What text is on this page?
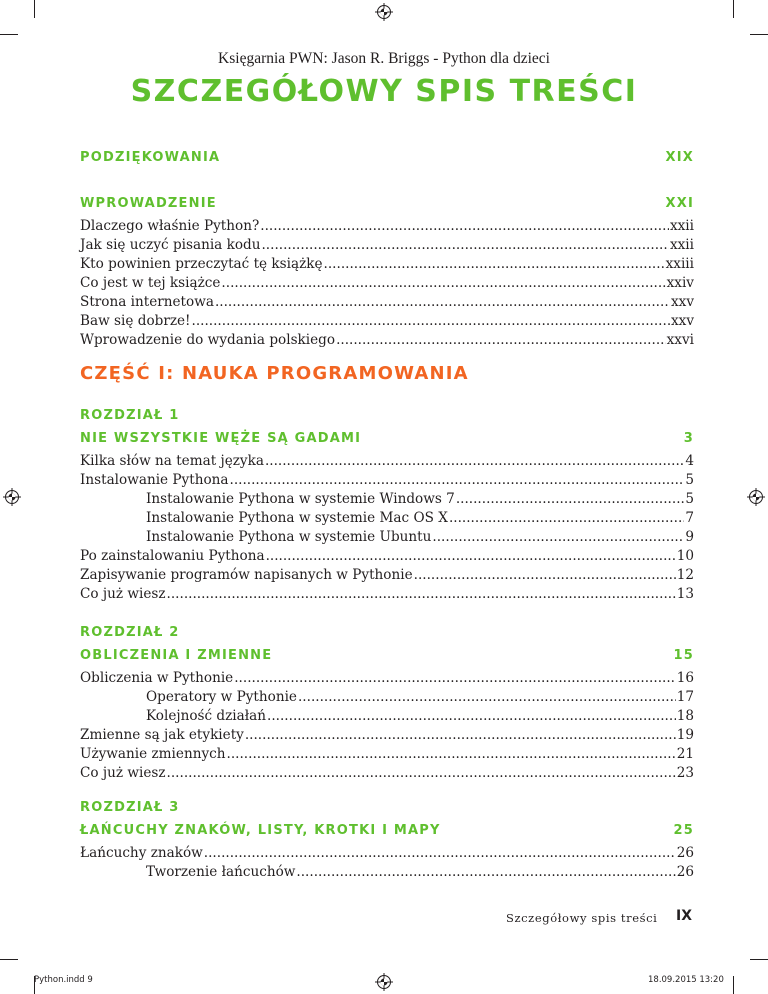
Księgarnia PWN: Jason R. Briggs - Python dla dzieci
SZCZEGÓŁOWY SPIS TREŚCI
PODZIĘKOWANIA	XIX
WPROWADZENIE	XXI
Dlaczego właśnie Python? .....	xxii
Jak się uczyć pisania kodu .....	xxii
Kto powinien przeczytać tę książkę .....	xxiii
Co jest w tej książce .....	xxiv
Strona internetowa .....	xxv
Baw się dobrze! .....	xxv
Wprowadzenie do wydania polskiego .....	xxvi
CZĘŚĆ I: NAUKA PROGRAMOWANIA
ROZDZIAŁ 1
NIE WSZYSTKIE WĘŻE SĄ GADAMI	3
Kilka słów na temat języka .....	4
Instalowanie Pythona .....	5
Instalowanie Pythona w systemie Windows 7 .....	5
Instalowanie Pythona w systemie Mac OS X .....	7
Instalowanie Pythona w systemie Ubuntu .....	9
Po zainstalowaniu Pythona .....	10
Zapisywanie programów napisanych w Pythonie .....	12
Co już wiesz .....	13
ROZDZIAŁ 2
OBLICZENIA I ZMIENNE	15
Obliczenia w Pythonie .....	16
Operatory w Pythonie .....	17
Kolejność działań .....	18
Zmienne są jak etykiety .....	19
Używanie zmiennych .....	21
Co już wiesz .....	23
ROZDZIAŁ 3
ŁAŃCUCHY ZNAKÓW, LISTY, KROTKI I MAPY	25
Łańcuchy znaków .....	26
Tworzenie łańcuchów .....	26
Szczegółowy spis treści IX
Python.indd 9	18.09.2015 13:20
